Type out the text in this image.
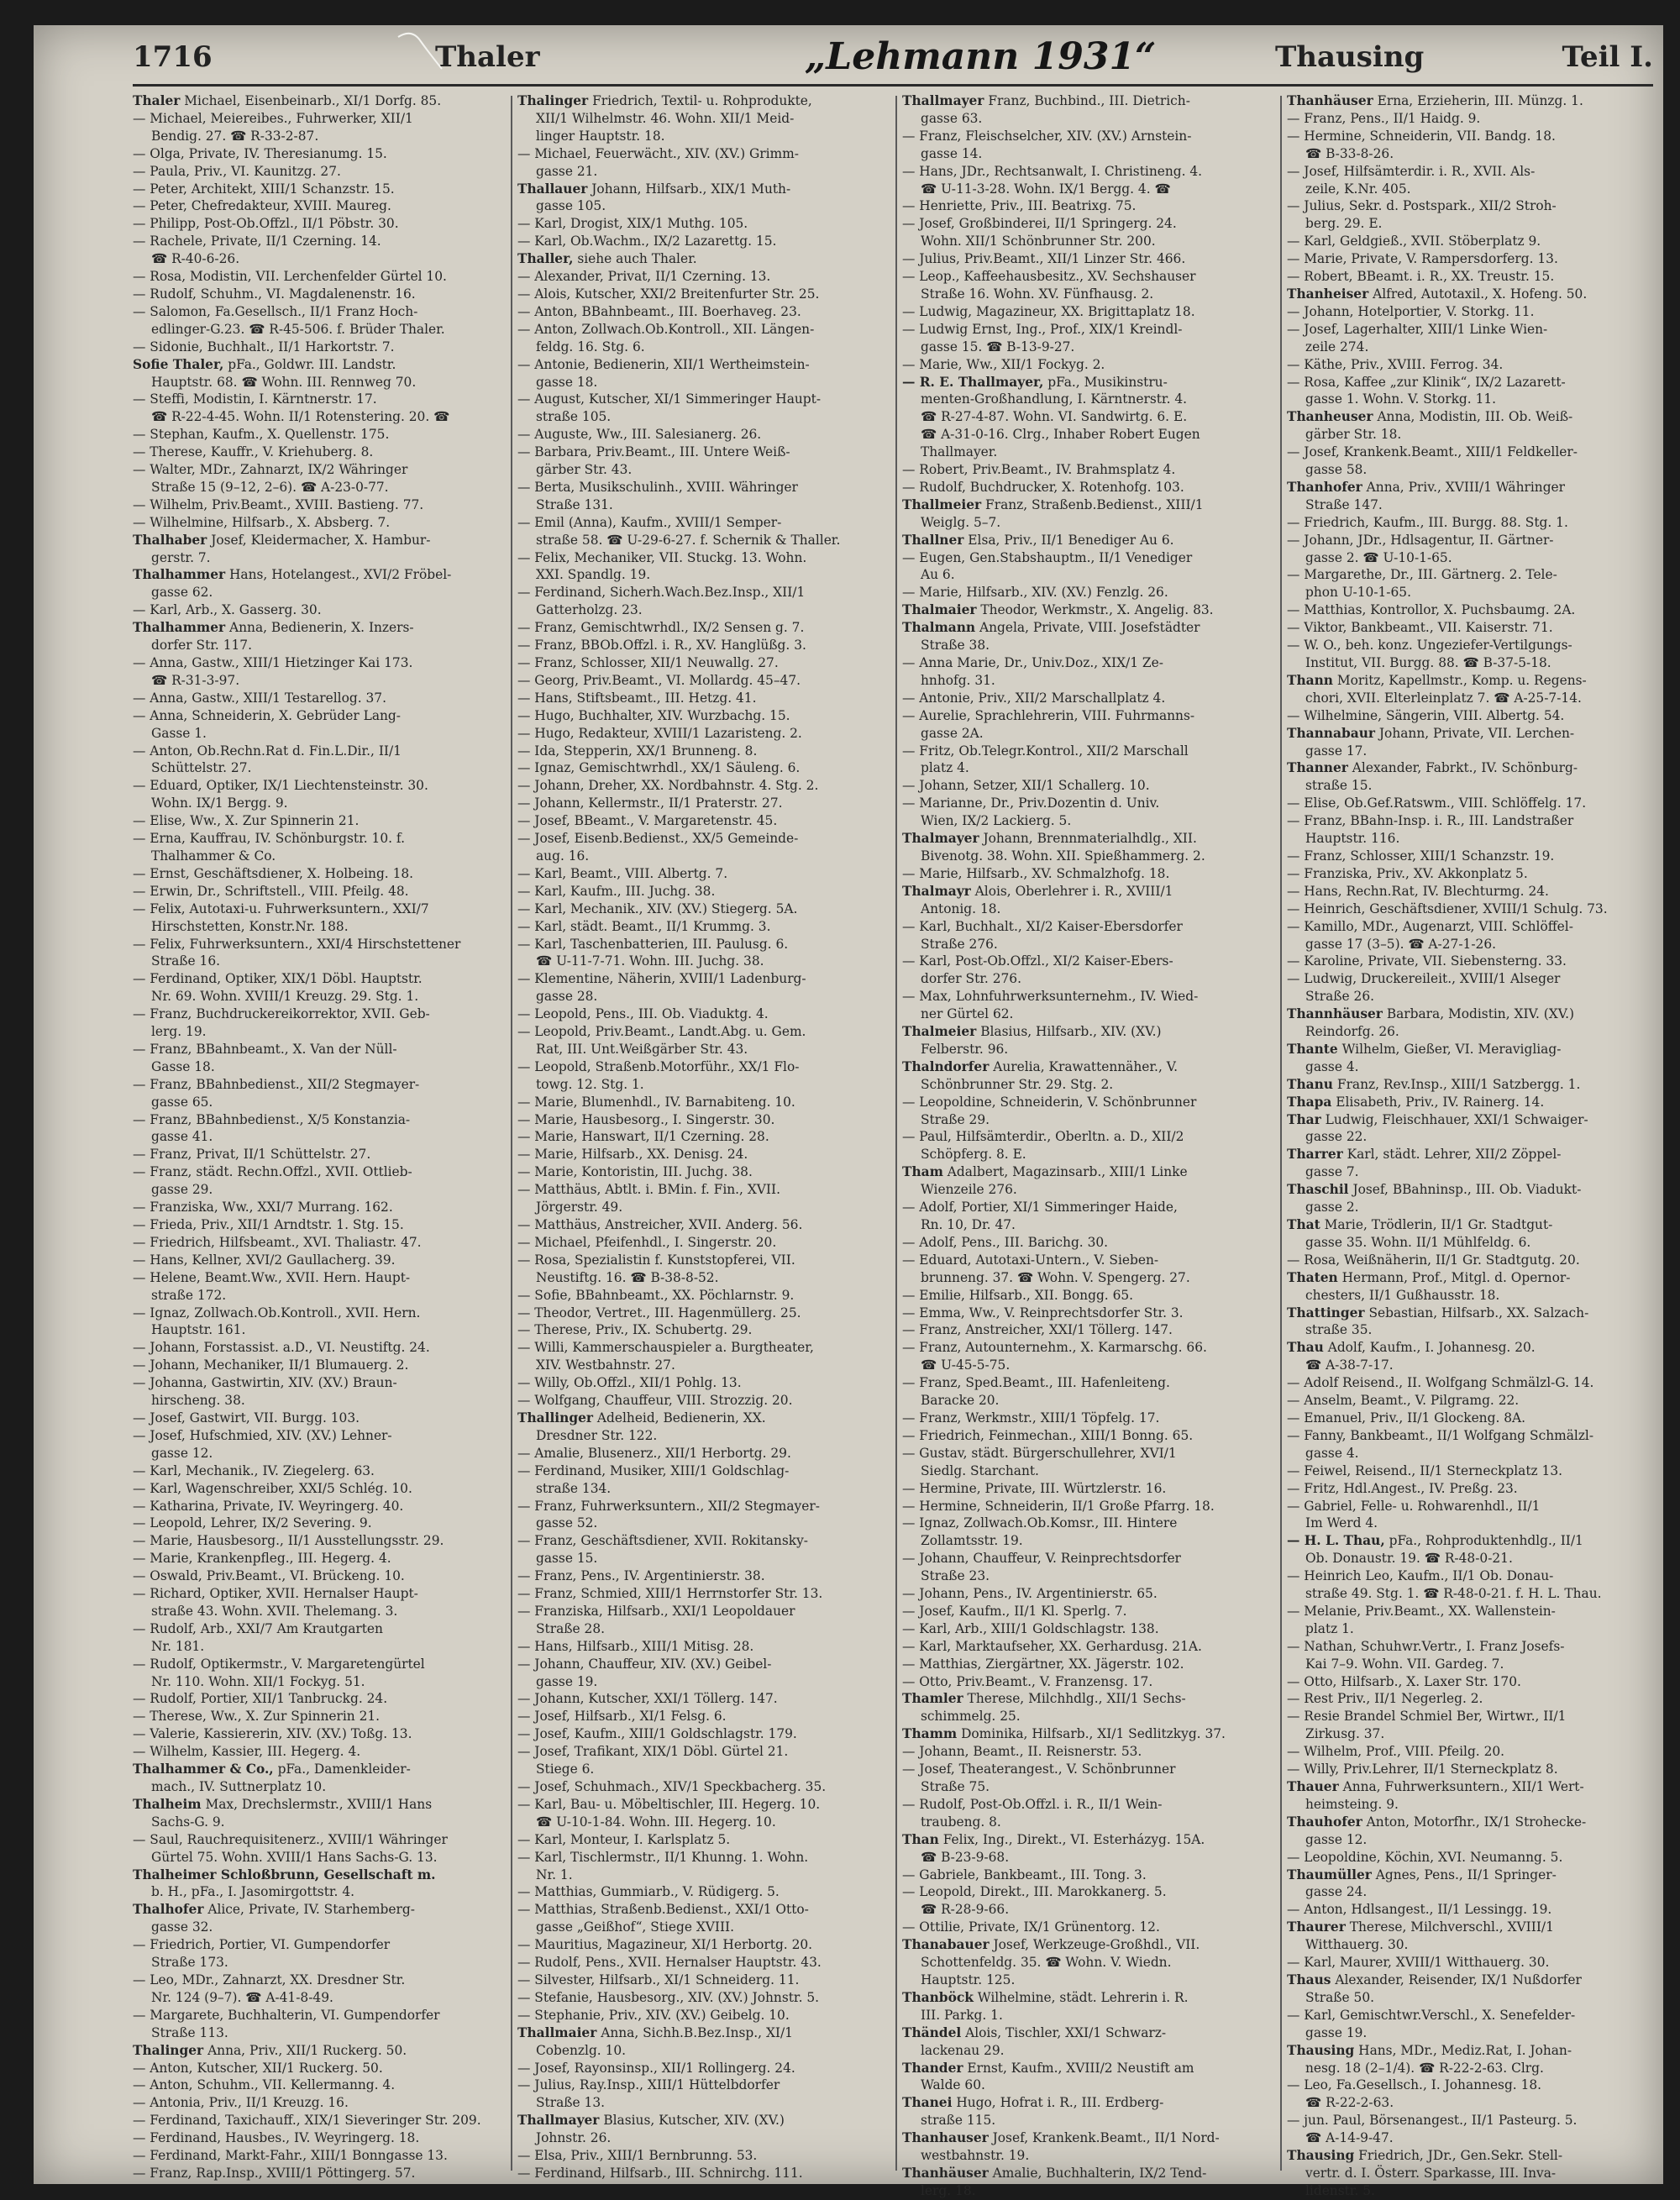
1716	Thaler	„Lehmann 1931“	Thausing	Teil I.

Thaler Michael, Eisenbeinarb., XI/1 Dorfg. 85.

— Michael, Meiereibes., Fuhrwerker, XII/1

Bendig. 27. ☎ R-33-2-87.

— Olga, Private, IV. Theresianumg. 15.

— Paula, Priv., VI. Kaunitzg. 27.

— Peter, Architekt, XIII/1 Schanzstr. 15.

— Peter, Chefredakteur, XVIII. Maureg.

— Philipp, Post-Ob.Offzl., II/1 Pöbstr. 30.

— Rachele, Private, II/1 Czerning. 14.

☎ R-40-6-26.

— Rosa, Modistin, VII. Lerchenfelder Gürtel 10.

— Rudolf, Schuhm., VI. Magdalenenstr. 16.

— Salomon, Fa.Gesellsch., II/1 Franz Hoch-

edlinger-G.23. ☎ R-45-506. f. Brüder Thaler.

— Sidonie, Buchhalt., II/1 Harkortstr. 7.

Sofie Thaler, pFa., Goldwr. III. Landstr.

Hauptstr. 68. ☎ Wohn. III. Rennweg 70.

— Steffi, Modistin, I. Kärntnerstr. 17.

☎ R-22-4-45. Wohn. II/1 Rotenstering. 20. ☎

— Stephan, Kaufm., X. Quellenstr. 175.

— Therese, Kauffr., V. Kriehuberg. 8.

— Walter, MDr., Zahnarzt, IX/2 Währinger

Straße 15 (9–12, 2–6). ☎ A-23-0-77.

— Wilhelm, Priv.Beamt., XVIII. Bastieng. 77.

— Wilhelmine, Hilfsarb., X. Absberg. 7.

Thalhaber Josef, Kleidermacher, X. Hambur-

gerstr. 7.

Thalhammer Hans, Hotelangest., XVI/2 Fröbel-

gasse 62.

— Karl, Arb., X. Gasserg. 30.

Thalhammer Anna, Bedienerin, X. Inzers-

dorfer Str. 117.

— Anna, Gastw., XIII/1 Hietzinger Kai 173.

☎ R-31-3-97.

— Anna, Gastw., XIII/1 Testarellog. 37.

— Anna, Schneiderin, X. Gebrüder Lang-

Gasse 1.

— Anton, Ob.Rechn.Rat d. Fin.L.Dir., II/1

Schüttelstr. 27.

— Eduard, Optiker, IX/1 Liechtensteinstr. 30.

Wohn. IX/1 Bergg. 9.

— Elise, Ww., X. Zur Spinnerin 21.

— Erna, Kauffrau, IV. Schönburgstr. 10. f.

Thalhammer & Co.

— Ernst, Geschäftsdiener, X. Holbeing. 18.

— Erwin, Dr., Schriftstell., VIII. Pfeilg. 48.

— Felix, Autotaxi-u. Fuhrwerksuntern., XXI/7

Hirschstetten, Konstr.Nr. 188.

— Felix, Fuhrwerksuntern., XXI/4 Hirschstettener

Straße 16.

— Ferdinand, Optiker, XIX/1 Döbl. Hauptstr.

Nr. 69. Wohn. XVIII/1 Kreuzg. 29. Stg. 1.

— Franz, Buchdruckereikorrektor, XVII. Geb-

lerg. 19.

— Franz, BBahnbeamt., X. Van der Nüll-

Gasse 18.

— Franz, BBahnbedienst., XII/2 Stegmayer-

gasse 65.

— Franz, BBahnbedienst., X/5 Konstanzia-

gasse 41.

— Franz, Privat, II/1 Schüttelstr. 27.

— Franz, städt. Rechn.Offzl., XVII. Ottlieb-

gasse 29.

— Franziska, Ww., XXI/7 Murrang. 162.

— Frieda, Priv., XII/1 Arndtstr. 1. Stg. 15.

— Friedrich, Hilfsbeamt., XVI. Thaliastr. 47.

— Hans, Kellner, XVI/2 Gaullacherg. 39.

— Helene, Beamt.Ww., XVII. Hern. Haupt-

straße 172.

— Ignaz, Zollwach.Ob.Kontroll., XVII. Hern.

Hauptstr. 161.

— Johann, Forstassist. a.D., VI. Neustiftg. 24.

— Johann, Mechaniker, II/1 Blumauerg. 2.

— Johanna, Gastwirtin, XIV. (XV.) Braun-

hirscheng. 38.

— Josef, Gastwirt, VII. Burgg. 103.

— Josef, Hufschmied, XIV. (XV.) Lehner-

gasse 12.

— Karl, Mechanik., IV. Ziegelerg. 63.

— Karl, Wagenschreiber, XXI/5 Schlég. 10.

— Katharina, Private, IV. Weyringerg. 40.

— Leopold, Lehrer, IX/2 Severing. 9.

— Marie, Hausbesorg., II/1 Ausstellungsstr. 29.

— Marie, Krankenpfleg., III. Hegerg. 4.

— Oswald, Priv.Beamt., VI. Brückeng. 10.

— Richard, Optiker, XVII. Hernalser Haupt-

straße 43. Wohn. XVII. Thelemang. 3.

— Rudolf, Arb., XXI/7 Am Krautgarten

Nr. 181.

— Rudolf, Optikermstr., V. Margaretengürtel

Nr. 110. Wohn. XII/1 Fockyg. 51.

— Rudolf, Portier, XII/1 Tanbruckg. 24.

— Therese, Ww., X. Zur Spinnerin 21.

— Valerie, Kassiererin, XIV. (XV.) Toßg. 13.

— Wilhelm, Kassier, III. Hegerg. 4.

Thalhammer & Co., pFa., Damenkleider-

mach., IV. Suttnerplatz 10.

Thalheim Max, Drechslermstr., XVIII/1 Hans

Sachs-G. 9.

— Saul, Rauchrequisitenerz., XVIII/1 Währinger

Gürtel 75. Wohn. XVIII/1 Hans Sachs-G. 13.

Thalheimer Schloßbrunn, Gesellschaft m.

b. H., pFa., I. Jasomirgottstr. 4.

Thalhofer Alice, Private, IV. Starhemberg-

gasse 32.

— Friedrich, Portier, VI. Gumpendorfer

Straße 173.

— Leo, MDr., Zahnarzt, XX. Dresdner Str.

Nr. 124 (9–7). ☎ A-41-8-49.

— Margarete, Buchhalterin, VI. Gumpendorfer

Straße 113.

Thalinger Anna, Priv., XII/1 Ruckerg. 50.

— Anton, Kutscher, XII/1 Ruckerg. 50.

— Anton, Schuhm., VII. Kellermanng. 4.

— Antonia, Priv., II/1 Kreuzg. 16.

— Ferdinand, Taxichauff., XIX/1 Sieveringer Str. 209.

— Ferdinand, Hausbes., IV. Weyringerg. 18.

— Ferdinand, Markt-Fahr., XIII/1 Bonngasse 13.

— Franz, Rap.Insp., XVIII/1 Pöttingerg. 57.

Thalinger Friedrich, Textil- u. Rohprodukte,

XII/1 Wilhelmstr. 46. Wohn. XII/1 Meid-

linger Hauptstr. 18.

— Michael, Feuerwächt., XIV. (XV.) Grimm-

gasse 21.

Thallauer Johann, Hilfsarb., XIX/1 Muth-

gasse 105.

— Karl, Drogist, XIX/1 Muthg. 105.

— Karl, Ob.Wachm., IX/2 Lazarettg. 15.

Thaller, siehe auch Thaler.

— Alexander, Privat, II/1 Czerning. 13.

— Alois, Kutscher, XXI/2 Breitenfurter Str. 25.

— Anton, BBahnbeamt., III. Boerhaveg. 23.

— Anton, Zollwach.Ob.Kontroll., XII. Längen-

feldg. 16. Stg. 6.

— Antonie, Bedienerin, XII/1 Wertheimstein-

gasse 18.

— August, Kutscher, XI/1 Simmeringer Haupt-

straße 105.

— Auguste, Ww., III. Salesianerg. 26.

— Barbara, Priv.Beamt., III. Untere Weiß-

gärber Str. 43.

— Berta, Musikschulinh., XVIII. Währinger

Straße 131.

— Emil (Anna), Kaufm., XVIII/1 Semper-

straße 58. ☎ U-29-6-27. f. Schernik & Thaller.

— Felix, Mechaniker, VII. Stuckg. 13. Wohn.

XXI. Spandlg. 19.

— Ferdinand, Sicherh.Wach.Bez.Insp., XII/1

Gatterholzg. 23.

— Franz, Gemischtwrhdl., IX/2 Sensen g. 7.

— Franz, BBOb.Offzl. i. R., XV. Hanglüßg. 3.

— Franz, Schlosser, XII/1 Neuwallg. 27.

— Georg, Priv.Beamt., VI. Mollardg. 45–47.

— Hans, Stiftsbeamt., III. Hetzg. 41.

— Hugo, Buchhalter, XIV. Wurzbachg. 15.

— Hugo, Redakteur, XVIII/1 Lazaristeng. 2.

— Ida, Stepperin, XX/1 Brunneng. 8.

— Ignaz, Gemischtwrhdl., XX/1 Säuleng. 6.

— Johann, Dreher, XX. Nordbahnstr. 4. Stg. 2.

— Johann, Kellermstr., II/1 Praterstr. 27.

— Josef, BBeamt., V. Margaretenstr. 45.

— Josef, Eisenb.Bedienst., XX/5 Gemeinde-

aug. 16.

— Karl, Beamt., VIII. Albertg. 7.

— Karl, Kaufm., III. Juchg. 38.

— Karl, Mechanik., XIV. (XV.) Stiegerg. 5A.

— Karl, städt. Beamt., II/1 Krummg. 3.

— Karl, Taschenbatterien, III. Paulusg. 6.

☎ U-11-7-71. Wohn. III. Juchg. 38.

— Klementine, Näherin, XVIII/1 Ladenburg-

gasse 28.

— Leopold, Pens., III. Ob. Viaduktg. 4.

— Leopold, Priv.Beamt., Landt.Abg. u. Gem.

Rat, III. Unt.Weißgärber Str. 43.

— Leopold, Straßenb.Motorführ., XX/1 Flo-

towg. 12. Stg. 1.

— Marie, Blumenhdl., IV. Barnabiteng. 10.

— Marie, Hausbesorg., I. Singerstr. 30.

— Marie, Hanswart, II/1 Czerning. 28.

— Marie, Hilfsarb., XX. Denisg. 24.

— Marie, Kontoristin, III. Juchg. 38.

— Matthäus, Abtlt. i. BMin. f. Fin., XVII.

Jörgerstr. 49.

— Matthäus, Anstreicher, XVII. Anderg. 56.

— Michael, Pfeifenhdl., I. Singerstr. 20.

— Rosa, Spezialistin f. Kunststopferei, VII.

Neustiftg. 16. ☎ B-38-8-52.

— Sofie, BBahnbeamt., XX. Pöchlarnstr. 9.

— Theodor, Vertret., III. Hagenmüllerg. 25.

— Therese, Priv., IX. Schubertg. 29.

— Willi, Kammerschauspieler a. Burgtheater,

XIV. Westbahnstr. 27.

— Willy, Ob.Offzl., XII/1 Pohlg. 13.

— Wolfgang, Chauffeur, VIII. Strozzig. 20.

Thallinger Adelheid, Bedienerin, XX.

Dresdner Str. 122.

— Amalie, Blusenerz., XII/1 Herbortg. 29.

— Ferdinand, Musiker, XIII/1 Goldschlag-

straße 134.

— Franz, Fuhrwerksuntern., XII/2 Stegmayer-

gasse 52.

— Franz, Geschäftsdiener, XVII. Rokitansky-

gasse 15.

— Franz, Pens., IV. Argentinierstr. 38.

— Franz, Schmied, XIII/1 Herrnstorfer Str. 13.

— Franziska, Hilfsarb., XXI/1 Leopoldauer

Straße 28.

— Hans, Hilfsarb., XIII/1 Mitisg. 28.

— Johann, Chauffeur, XIV. (XV.) Geibel-

gasse 19.

— Johann, Kutscher, XXI/1 Töllerg. 147.

— Josef, Hilfsarb., XI/1 Felsg. 6.

— Josef, Kaufm., XIII/1 Goldschlagstr. 179.

— Josef, Trafikant, XIX/1 Döbl. Gürtel 21.

Stiege 6.

— Josef, Schuhmach., XIV/1 Speckbacherg. 35.

— Karl, Bau- u. Möbeltischler, III. Hegerg. 10.

☎ U-10-1-84. Wohn. III. Hegerg. 10.

— Karl, Monteur, I. Karlsplatz 5.

— Karl, Tischlermstr., II/1 Khunng. 1. Wohn.

Nr. 1.

— Matthias, Gummiarb., V. Rüdigerg. 5.

— Matthias, Straßenb.Bedienst., XXI/1 Otto-

gasse „Geißhof“, Stiege XVIII.

— Mauritius, Magazineur, XI/1 Herbortg. 20.

— Rudolf, Pens., XVII. Hernalser Hauptstr. 43.

— Silvester, Hilfsarb., XI/1 Schneiderg. 11.

— Stefanie, Hausbesorg., XIV. (XV.) Johnstr. 5.

— Stephanie, Priv., XIV. (XV.) Geibelg. 10.

Thallmaier Anna, Sichh.B.Bez.Insp., XI/1

Cobenzlg. 10.

— Josef, Rayonsinsp., XII/1 Rollingerg. 24.

— Julius, Ray.Insp., XIII/1 Hüttelbdorfer

Straße 13.

Thallmayer Blasius, Kutscher, XIV. (XV.)

Johnstr. 26.

— Elsa, Priv., XIII/1 Bernbrunng. 53.

— Ferdinand, Hilfsarb., III. Schnirchg. 111.

Thallmayer Franz, Buchbind., III. Dietrich-

gasse 63.

— Franz, Fleischselcher, XIV. (XV.) Arnstein-

gasse 14.

— Hans, JDr., Rechtsanwalt, I. Christineng. 4.

☎ U-11-3-28. Wohn. IX/1 Bergg. 4. ☎

— Henriette, Priv., III. Beatrixg. 75.

— Josef, Großbinderei, II/1 Springerg. 24.

Wohn. XII/1 Schönbrunner Str. 200.

— Julius, Priv.Beamt., XII/1 Linzer Str. 466.

— Leop., Kaffeehausbesitz., XV. Sechshauser

Straße 16. Wohn. XV. Fünfhausg. 2.

— Ludwig, Magazineur, XX. Brigittaplatz 18.

— Ludwig Ernst, Ing., Prof., XIX/1 Kreindl-

gasse 15. ☎ B-13-9-27.

— Marie, Ww., XII/1 Fockyg. 2.

— R. E. Thallmayer, pFa., Musikinstru-

menten-Großhandlung, I. Kärntnerstr. 4.

☎ R-27-4-87. Wohn. VI. Sandwirtg. 6. E.

☎ A-31-0-16. Clrg., Inhaber Robert Eugen

Thallmayer.

— Robert, Priv.Beamt., IV. Brahmsplatz 4.

— Rudolf, Buchdrucker, X. Rotenhofg. 103.

Thallmeier Franz, Straßenb.Bedienst., XIII/1

Weiglg. 5–7.

Thallner Elsa, Priv., II/1 Benediger Au 6.

— Eugen, Gen.Stabshauptm., II/1 Venediger

Au 6.

— Marie, Hilfsarb., XIV. (XV.) Fenzlg. 26.

Thalmaier Theodor, Werkmstr., X. Angelig. 83.

Thalmann Angela, Private, VIII. Josefstädter

Straße 38.

— Anna Marie, Dr., Univ.Doz., XIX/1 Ze-

hnhofg. 31.

— Antonie, Priv., XII/2 Marschallplatz 4.

— Aurelie, Sprachlehrerin, VIII. Fuhrmanns-

gasse 2A.

— Fritz, Ob.Telegr.Kontrol., XII/2 Marschall

platz 4.

— Johann, Setzer, XII/1 Schallerg. 10.

— Marianne, Dr., Priv.Dozentin d. Univ.

Wien, IX/2 Lackierg. 5.

Thalmayer Johann, Brennmaterialhdlg., XII.

Bivenotg. 38. Wohn. XII. Spießhammerg. 2.

— Marie, Hilfsarb., XV. Schmalzhofg. 18.

Thalmayr Alois, Oberlehrer i. R., XVIII/1

Antonig. 18.

— Karl, Buchhalt., XI/2 Kaiser-Ebersdorfer

Straße 276.

— Karl, Post-Ob.Offzl., XI/2 Kaiser-Ebers-

dorfer Str. 276.

— Max, Lohnfuhrwerksunternehm., IV. Wied-

ner Gürtel 62.

Thalmeier Blasius, Hilfsarb., XIV. (XV.)

Felberstr. 96.

Thalndorfer Aurelia, Krawattennäher., V.

Schönbrunner Str. 29. Stg. 2.

— Leopoldine, Schneiderin, V. Schönbrunner

Straße 29.

— Paul, Hilfsämterdir., Oberltn. a. D., XII/2

Schöpferg. 8. E.

Tham Adalbert, Magazinsarb., XIII/1 Linke

Wienzeile 276.

— Adolf, Portier, XI/1 Simmeringer Haide,

Rn. 10, Dr. 47.

— Adolf, Pens., III. Barichg. 30.

— Eduard, Autotaxi-Untern., V. Sieben-

brunneng. 37. ☎ Wohn. V. Spengerg. 27.

— Emilie, Hilfsarb., XII. Bongg. 65.

— Emma, Ww., V. Reinprechtsdorfer Str. 3.

— Franz, Anstreicher, XXI/1 Töllerg. 147.

— Franz, Autounternehm., X. Karmarschg. 66.

☎ U-45-5-75.

— Franz, Sped.Beamt., III. Hafenleiteng.

Baracke 20.

— Franz, Werkmstr., XIII/1 Töpfelg. 17.

— Friedrich, Feinmechan., XIII/1 Bonng. 65.

— Gustav, städt. Bürgerschullehrer, XVI/1

Siedlg. Starchant.

— Hermine, Private, III. Würtzlerstr. 16.

— Hermine, Schneiderin, II/1 Große Pfarrg. 18.

— Ignaz, Zollwach.Ob.Komsr., III. Hintere

Zollamtsstr. 19.

— Johann, Chauffeur, V. Reinprechtsdorfer

Straße 23.

— Johann, Pens., IV. Argentinierstr. 65.

— Josef, Kaufm., II/1 Kl. Sperlg. 7.

— Karl, Arb., XIII/1 Goldschlagstr. 138.

— Karl, Marktaufseher, XX. Gerhardusg. 21A.

— Matthias, Ziergärtner, XX. Jägerstr. 102.

— Otto, Priv.Beamt., V. Franzensg. 17.

Thamler Therese, Milchhdlg., XII/1 Sechs-

schimmelg. 25.

Thamm Dominika, Hilfsarb., XI/1 Sedlitzkyg. 37.

— Johann, Beamt., II. Reisnerstr. 53.

— Josef, Theaterangest., V. Schönbrunner

Straße 75.

— Rudolf, Post-Ob.Offzl. i. R., II/1 Wein-

traubeng. 8.

Than Felix, Ing., Direkt., VI. Esterházyg. 15A.

☎ B-23-9-68.

— Gabriele, Bankbeamt., III. Tong. 3.

— Leopold, Direkt., III. Marokkanerg. 5.

☎ R-28-9-66.

— Ottilie, Private, IX/1 Grünentorg. 12.

Thanabauer Josef, Werkzeuge-Großhdl., VII.

Schottenfeldg. 35. ☎ Wohn. V. Wiedn.

Hauptstr. 125.

Thanböck Wilhelmine, städt. Lehrerin i. R.

III. Parkg. 1.

Thändel Alois, Tischler, XXI/1 Schwarz-

lackenau 29.

Thander Ernst, Kaufm., XVIII/2 Neustift am

Walde 60.

Thanei Hugo, Hofrat i. R., III. Erdberg-

straße 115.

Thanhauser Josef, Krankenk.Beamt., II/1 Nord-

westbahnstr. 19.

Thanhäuser Amalie, Buchhalterin, IX/2 Tend-

lerg. 18.

Thanhäuser Erna, Erzieherin, III. Münzg. 1.

— Franz, Pens., II/1 Haidg. 9.

— Hermine, Schneiderin, VII. Bandg. 18.

☎ B-33-8-26.

— Josef, Hilfsämterdir. i. R., XVII. Als-

zeile, K.Nr. 405.

— Julius, Sekr. d. Postspark., XII/2 Stroh-

berg. 29. E.

— Karl, Geldgieß., XVII. Stöberplatz 9.

— Marie, Private, V. Rampersdorferg. 13.

— Robert, BBeamt. i. R., XX. Treustr. 15.

Thanheiser Alfred, Autotaxil., X. Hofeng. 50.

— Johann, Hotelportier, V. Storkg. 11.

— Josef, Lagerhalter, XIII/1 Linke Wien-

zeile 274.

— Käthe, Priv., XVIII. Ferrog. 34.

— Rosa, Kaffee „zur Klinik“, IX/2 Lazarett-

gasse 1. Wohn. V. Storkg. 11.

Thanheuser Anna, Modistin, III. Ob. Weiß-

gärber Str. 18.

— Josef, Krankenk.Beamt., XIII/1 Feldkeller-

gasse 58.

Thanhofer Anna, Priv., XVIII/1 Währinger

Straße 147.

— Friedrich, Kaufm., III. Burgg. 88. Stg. 1.

— Johann, JDr., Hdlsagentur, II. Gärtner-

gasse 2. ☎ U-10-1-65.

— Margarethe, Dr., III. Gärtnerg. 2. Tele-

phon U-10-1-65.

— Matthias, Kontrollor, X. Puchsbaumg. 2A.

— Viktor, Bankbeamt., VII. Kaiserstr. 71.

— W. O., beh. konz. Ungeziefer-Vertilgungs-

Institut, VII. Burgg. 88. ☎ B-37-5-18.

Thann Moritz, Kapellmstr., Komp. u. Regens-

chori, XVII. Elterleinplatz 7. ☎ A-25-7-14.

— Wilhelmine, Sängerin, VIII. Albertg. 54.

Thannabaur Johann, Private, VII. Lerchen-

gasse 17.

Thanner Alexander, Fabrkt., IV. Schönburg-

straße 15.

— Elise, Ob.Gef.Ratswm., VIII. Schlöffelg. 17.

— Franz, BBahn-Insp. i. R., III. Landstraßer

Hauptstr. 116.

— Franz, Schlosser, XIII/1 Schanzstr. 19.

— Franziska, Priv., XV. Akkonplatz 5.

— Hans, Rechn.Rat, IV. Blechturmg. 24.

— Heinrich, Geschäftsdiener, XVIII/1 Schulg. 73.

— Kamillo, MDr., Augenarzt, VIII. Schlöffel-

gasse 17 (3–5). ☎ A-27-1-26.

— Karoline, Private, VII. Siebensterng. 33.

— Ludwig, Druckereileit., XVIII/1 Alseger

Straße 26.

Thannhäuser Barbara, Modistin, XIV. (XV.)

Reindorfg. 26.

Thante Wilhelm, Gießer, VI. Meravigliag-

gasse 4.

Thanu Franz, Rev.Insp., XIII/1 Satzbergg. 1.

Thapa Elisabeth, Priv., IV. Rainerg. 14.

Thar Ludwig, Fleischhauer, XXI/1 Schwaiger-

gasse 22.

Tharrer Karl, städt. Lehrer, XII/2 Zöppel-

gasse 7.

Thaschil Josef, BBahninsp., III. Ob. Viadukt-

gasse 2.

That Marie, Trödlerin, II/1 Gr. Stadtgut-

gasse 35. Wohn. II/1 Mühlfeldg. 6.

— Rosa, Weißnäherin, II/1 Gr. Stadtgutg. 20.

Thaten Hermann, Prof., Mitgl. d. Opernor-

chesters, II/1 Gußhausstr. 18.

Thattinger Sebastian, Hilfsarb., XX. Salzach-

straße 35.

Thau Adolf, Kaufm., I. Johannesg. 20.

☎ A-38-7-17.

— Adolf Reisend., II. Wolfgang Schmälzl-G. 14.

— Anselm, Beamt., V. Pilgramg. 22.

— Emanuel, Priv., II/1 Glockeng. 8A.

— Fanny, Bankbeamt., II/1 Wolfgang Schmälzl-

gasse 4.

— Feiwel, Reisend., II/1 Sterneckplatz 13.

— Fritz, Hdl.Angest., IV. Preßg. 23.

— Gabriel, Felle- u. Rohwarenhdl., II/1

Im Werd 4.

— H. L. Thau, pFa., Rohproduktenhdlg., II/1

Ob. Donaustr. 19. ☎ R-48-0-21.

— Heinrich Leo, Kaufm., II/1 Ob. Donau-

straße 49. Stg. 1. ☎ R-48-0-21. f. H. L. Thau.

— Melanie, Priv.Beamt., XX. Wallenstein-

platz 1.

— Nathan, Schuhwr.Vertr., I. Franz Josefs-

Kai 7–9. Wohn. VII. Gardeg. 7.

— Otto, Hilfsarb., X. Laxer Str. 170.

— Rest Priv., II/1 Negerleg. 2.

— Resie Brandel Schmiel Ber, Wirtwr., II/1

Zirkusg. 37.

— Wilhelm, Prof., VIII. Pfeilg. 20.

— Willy, Priv.Lehrer, II/1 Sterneckplatz 8.

Thauer Anna, Fuhrwerksuntern., XII/1 Wert-

heimsteing. 9.

Thauhofer Anton, Motorfhr., IX/1 Strohecke-

gasse 12.

— Leopoldine, Köchin, XVI. Neumanng. 5.

Thaumüller Agnes, Pens., II/1 Springer-

gasse 24.

— Anton, Hdlsangest., II/1 Lessingg. 19.

Thaurer Therese, Milchverschl., XVIII/1

Witthauerg. 30.

— Karl, Maurer, XVIII/1 Witthauerg. 30.

Thaus Alexander, Reisender, IX/1 Nußdorfer

Straße 50.

— Karl, Gemischtwr.Verschl., X. Senefelder-

gasse 19.

Thausing Hans, MDr., Mediz.Rat, I. Johan-

nesg. 18 (2–1/4). ☎ R-22-2-63. Clrg.

— Leo, Fa.Gesellsch., I. Johannesg. 18.

☎ R-22-2-63.

— jun. Paul, Börsenangest., II/1 Pasteurg. 5.

☎ A-14-9-47.

Thausing Friedrich, JDr., Gen.Sekr. Stell-

vertr. d. I. Österr. Sparkasse, III. Inva-

lidenstr. 5.
